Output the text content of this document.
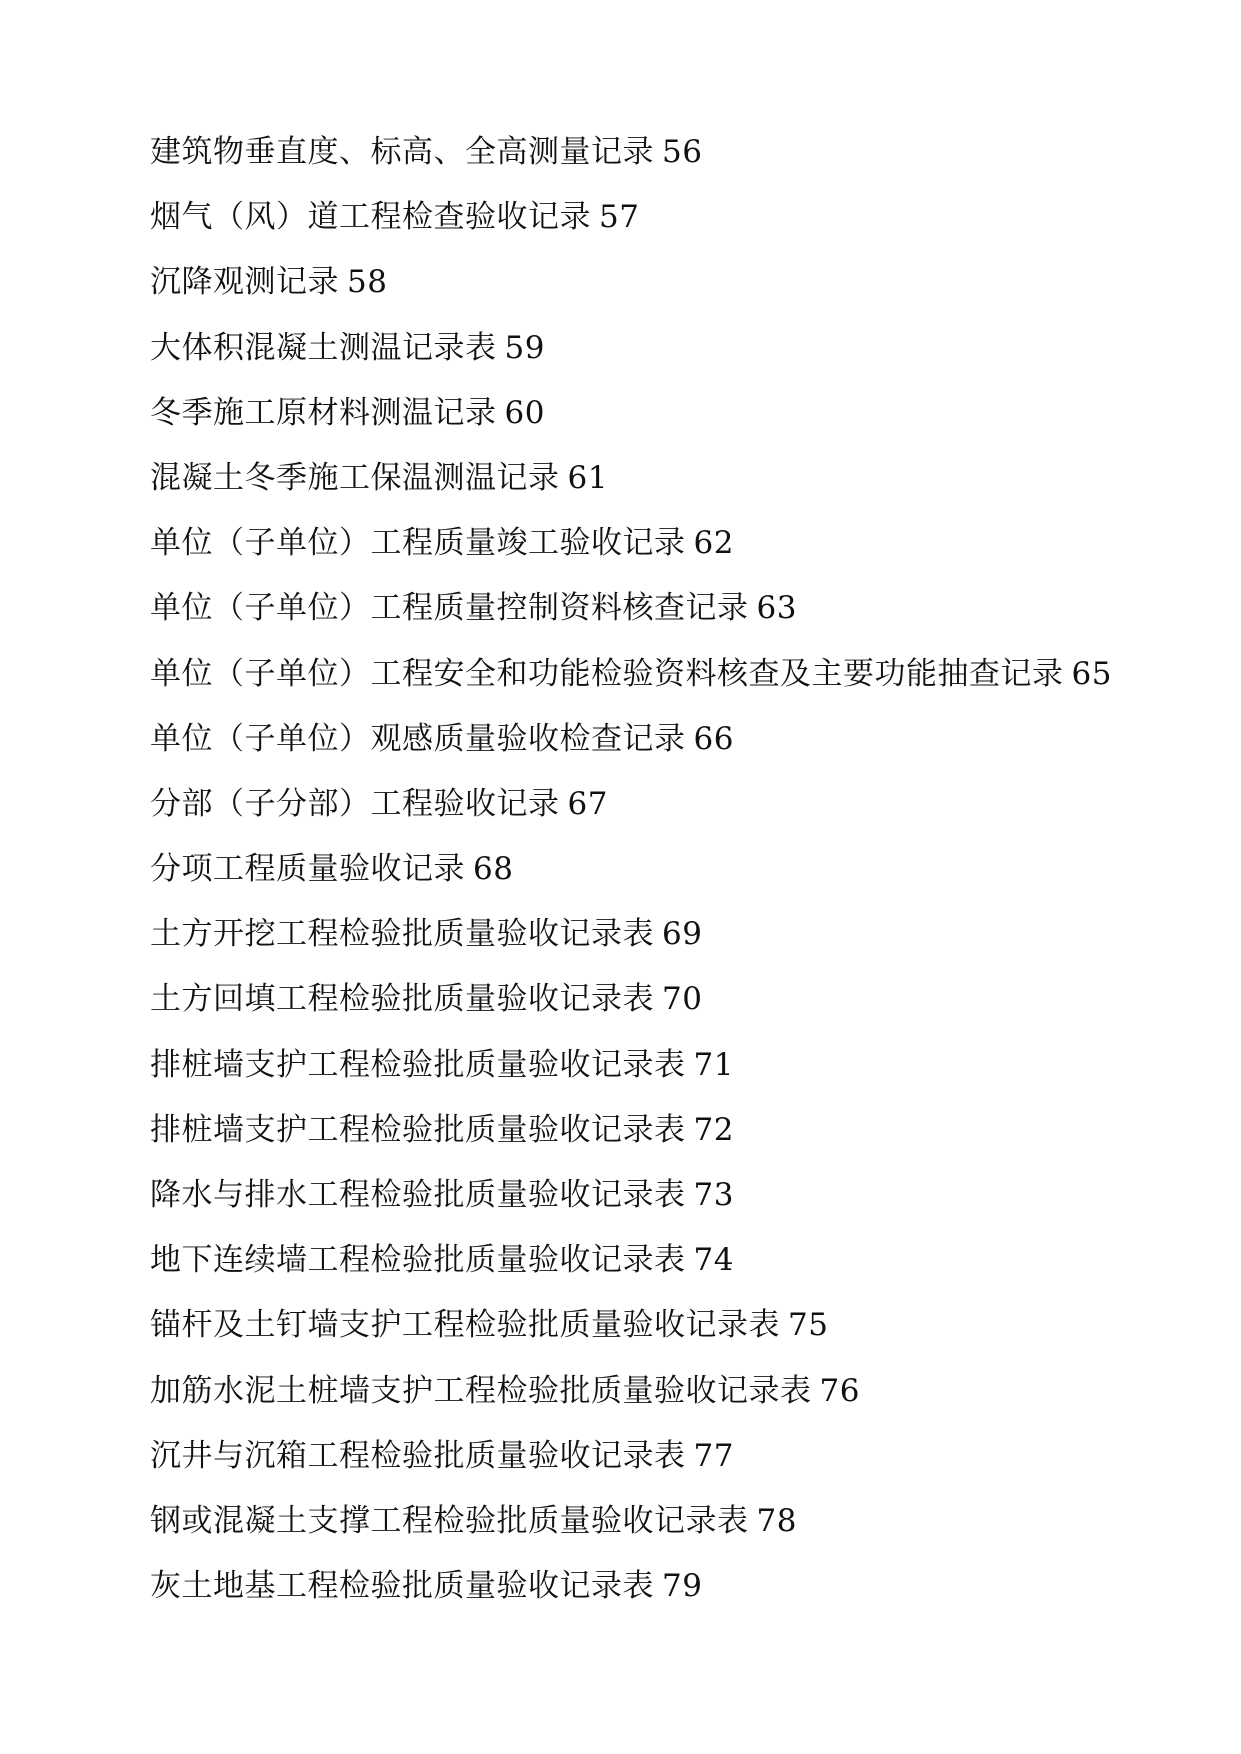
建筑物垂直度、标高、全高测量记录 56
烟气（风）道工程检查验收记录 57
沉降观测记录 58
大体积混凝土测温记录表 59
冬季施工原材料测温记录 60
混凝土冬季施工保温测温记录 61
单位（子单位）工程质量竣工验收记录 62
单位（子单位）工程质量控制资料核查记录 63
单位（子单位）工程安全和功能检验资料核查及主要功能抽查记录 65
单位（子单位）观感质量验收检查记录 66
分部（子分部）工程验收记录 67
分项工程质量验收记录 68
土方开挖工程检验批质量验收记录表 69
土方回填工程检验批质量验收记录表 70
排桩墙支护工程检验批质量验收记录表 71
排桩墙支护工程检验批质量验收记录表 72
降水与排水工程检验批质量验收记录表 73
地下连续墙工程检验批质量验收记录表 74
锚杆及土钉墙支护工程检验批质量验收记录表 75
加筋水泥土桩墙支护工程检验批质量验收记录表 76
沉井与沉箱工程检验批质量验收记录表 77
钢或混凝土支撑工程检验批质量验收记录表 78
灰土地基工程检验批质量验收记录表 79
